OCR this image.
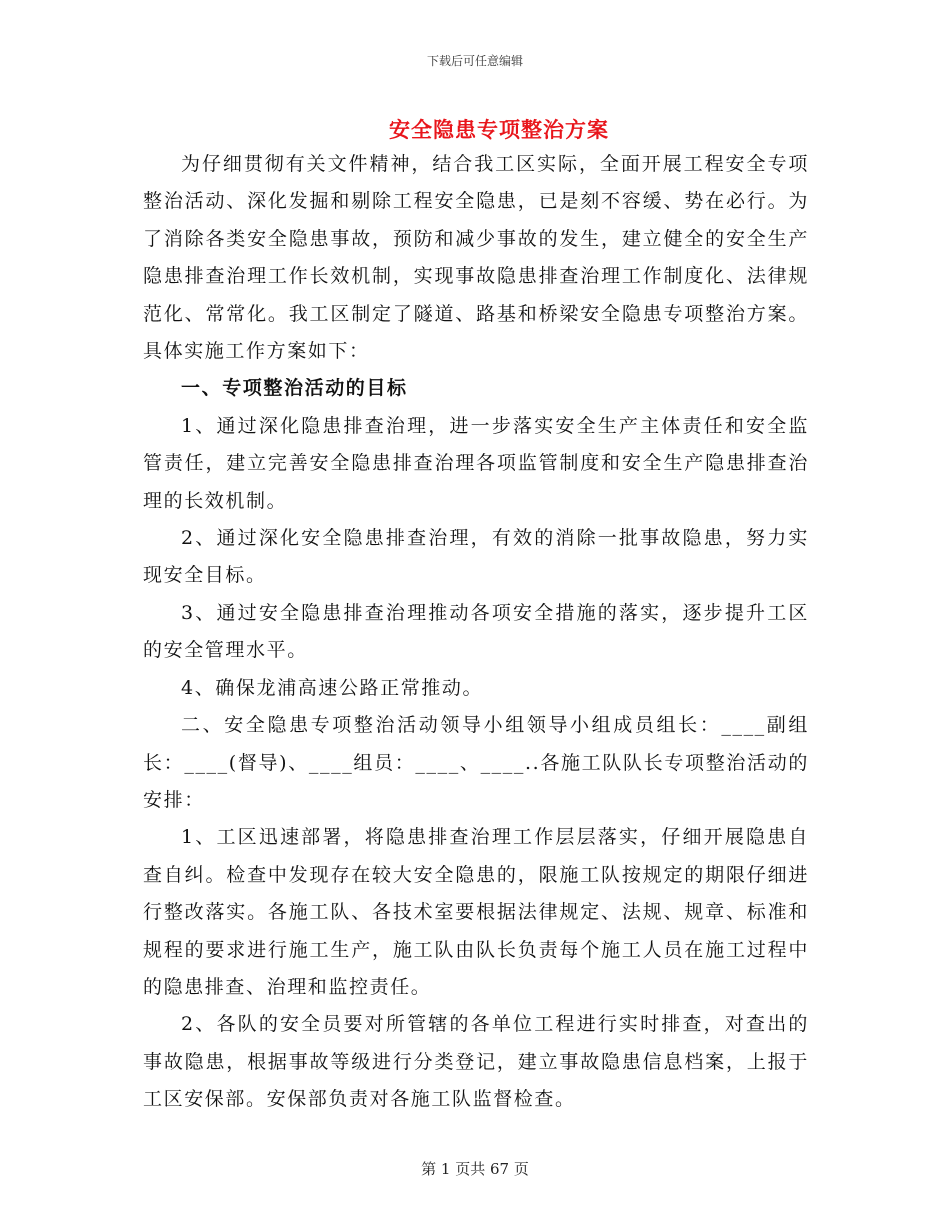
下载后可任意编辑
安全隐患专项整治方案

为仔细贯彻有关文件精神，结合我工区实际，全面开展工程安全专项整治活动、深化发掘和剔除工程安全隐患，已是刻不容缓、势在必行。为了消除各类安全隐患事故，预防和减少事故的发生，建立健全的安全生产隐患排查治理工作长效机制，实现事故隐患排查治理工作制度化、法律规范化、常常化。我工区制定了隧道、路基和桥梁安全隐患专项整治方案。具体实施工作方案如下：

一、专项整治活动的目标

1、通过深化隐患排查治理，进一步落实安全生产主体责任和安全监管责任，建立完善安全隐患排查治理各项监管制度和安全生产隐患排查治理的长效机制。

2、通过深化安全隐患排查治理，有效的消除一批事故隐患，努力实现安全目标。

3、通过安全隐患排查治理推动各项安全措施的落实，逐步提升工区的安全管理水平。

4、确保龙浦高速公路正常推动。

二、安全隐患专项整治活动领导小组领导小组成员组长：____副组长：____(督导)、____组员：____、____..各施工队队长专项整治活动的安排：

1、工区迅速部署，将隐患排查治理工作层层落实，仔细开展隐患自查自纠。检查中发现存在较大安全隐患的，限施工队按规定的期限仔细进行整改落实。各施工队、各技术室要根据法律规定、法规、规章、标准和规程的要求进行施工生产，施工队由队长负责每个施工人员在施工过程中的隐患排查、治理和监控责任。

2、各队的安全员要对所管辖的各单位工程进行实时排查，对查出的事故隐患，根据事故等级进行分类登记，建立事故隐患信息档案，上报于工区安保部。安保部负责对各施工队监督检查。

第 1 页共 67 页
